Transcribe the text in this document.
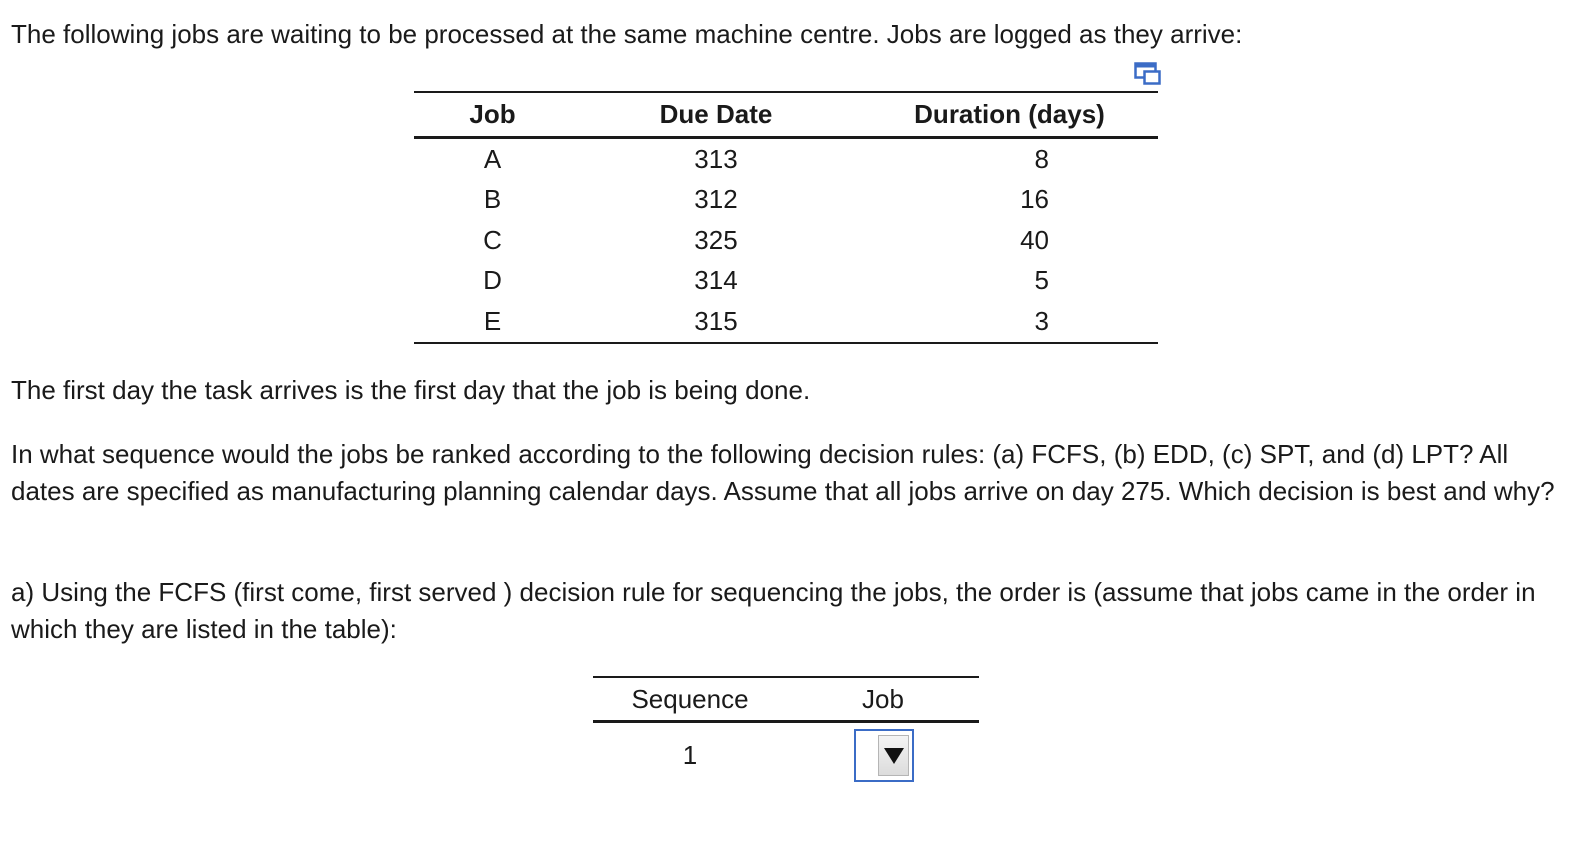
The following jobs are waiting to be processed at the same machine centre. Jobs are logged as they arrive:

Job	Due Date	Duration (days)
A	313	8
B	312	16
C	325	40
D	314	5
E	315	3

The first day the task arrives is the first day that the job is being done.

In what sequence would the jobs be ranked according to the following decision rules: (a) FCFS, (b) EDD, (c) SPT, and (d) LPT? All dates are specified as manufacturing planning calendar days. Assume that all jobs arrive on day 275. Which decision is best and why?

a) Using the FCFS (first come, first served ) decision rule for sequencing the jobs, the order is (assume that jobs came in the order in which they are listed in the table):

Sequence	Job
1	
